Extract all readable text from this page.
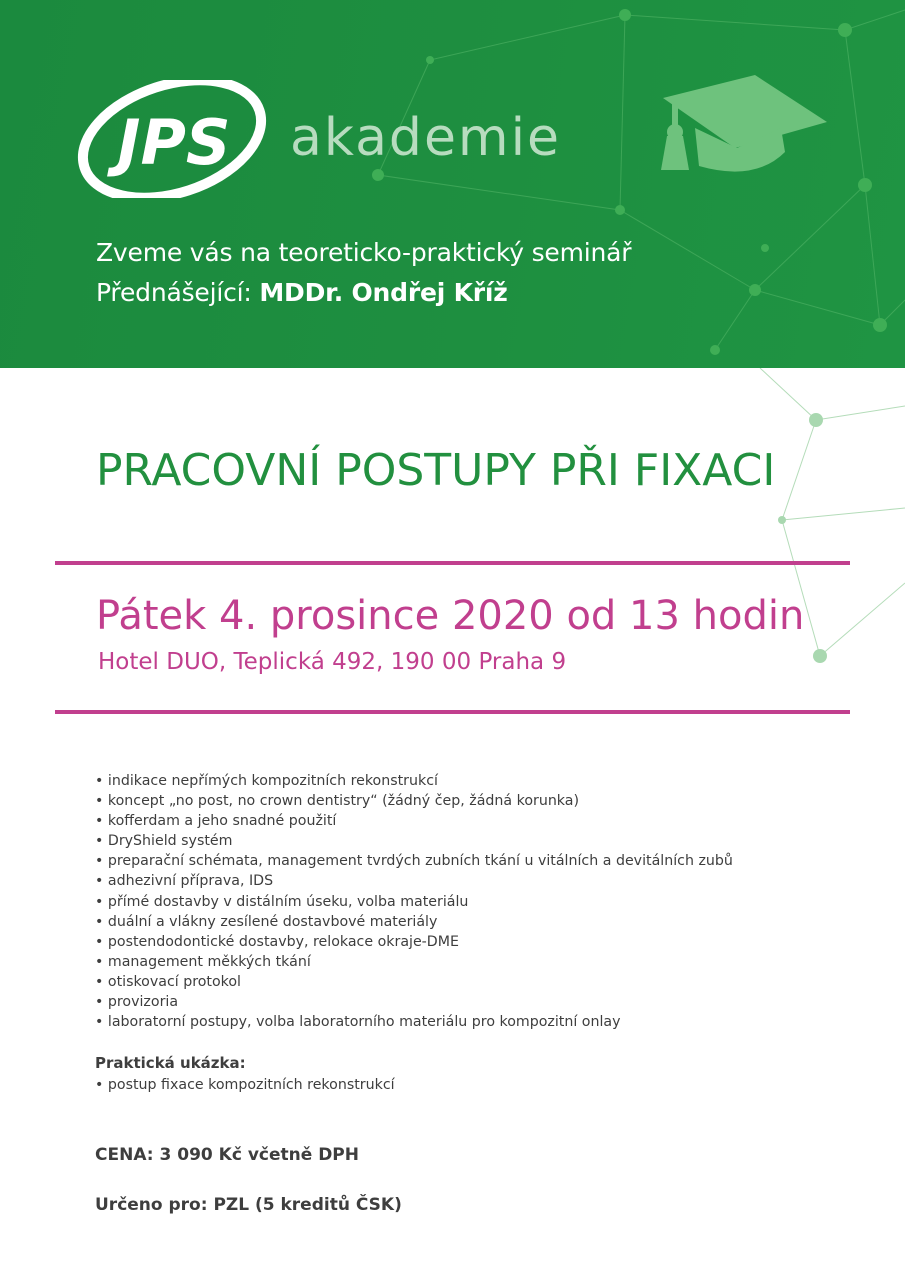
JPS akademie
Zveme vás na teoreticko-praktický seminář
Přednášející: MDDr. Ondřej Kříž
PRACOVNÍ POSTUPY PŘI FIXACI
Pátek 4. prosince 2020 od 13 hodin
Hotel DUO, Teplická 492, 190 00 Praha 9
• indikace nepřímých kompozitních rekonstrukcí
• koncept „no post, no crown dentistry“ (žádný čep, žádná korunka)
• kofferdam a jeho snadné použití
• DryShield systém
• preparační schémata, management tvrdých zubních tkání u vitálních a devitálních zubů
• adhezivní příprava, IDS
• přímé dostavby v distálním úseku, volba materiálu
• duální a vlákny zesílené dostavbové materiály
• postendodontické dostavby, relokace okraje-DME
• management měkkých tkání
• otiskovací protokol
• provizoria
• laboratorní postupy, volba laboratorního materiálu pro kompozitní onlay
Praktická ukázka:
• postup fixace kompozitních rekonstrukcí
CENA: 3 090 Kč včetně DPH
Určeno pro: PZL (5 kreditů ČSK)
